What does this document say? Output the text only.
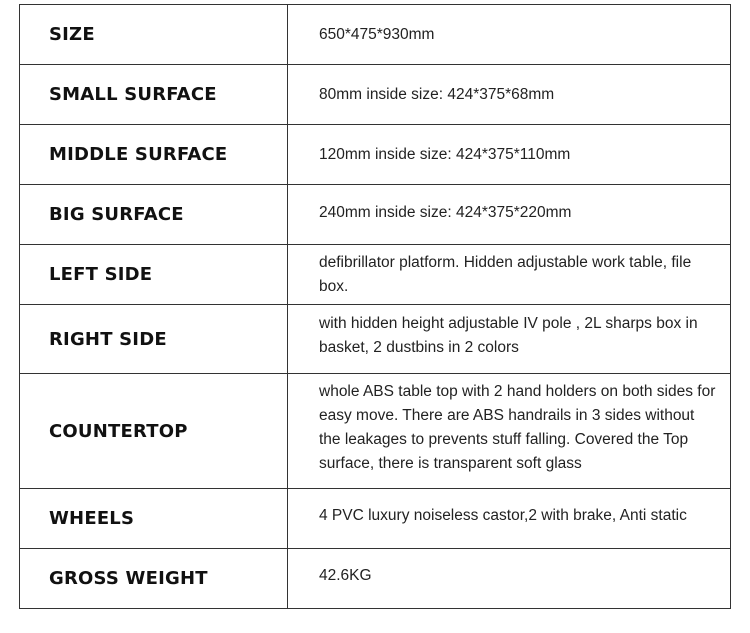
SIZE	650*475*930mm
SMALL SURFACE	80mm inside size: 424*375*68mm
MIDDLE SURFACE	120mm inside size: 424*375*110mm
BIG SURFACE	240mm inside size: 424*375*220mm
LEFT SIDE	defibrillator platform. Hidden adjustable work table, file box.
RIGHT SIDE	with hidden height adjustable IV pole , 2L sharps box in basket, 2 dustbins in 2 colors
COUNTERTOP	whole ABS table top with 2 hand holders on both sides for easy move. There are ABS handrails in 3 sides without the leakages to prevents stuff falling. Covered the Top surface, there is transparent soft glass
WHEELS	4 PVC luxury noiseless castor,2 with brake, Anti static
GROSS WEIGHT	42.6KG
